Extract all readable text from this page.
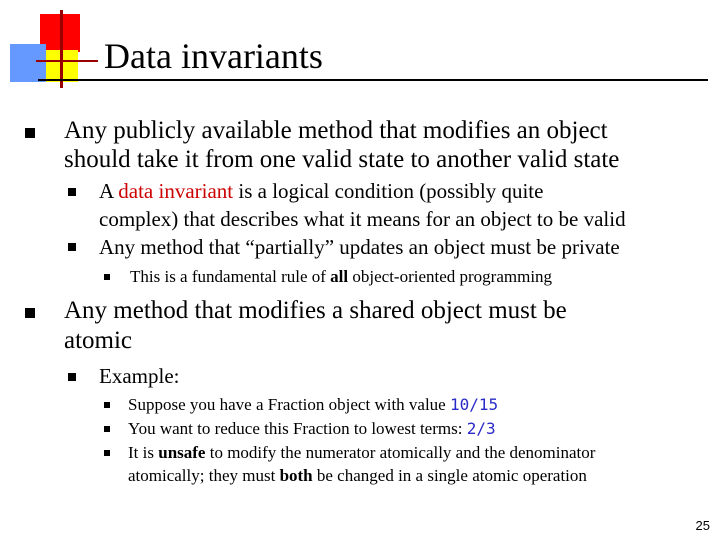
Data invariants
Any publicly available method that modifies an object
should take it from one valid state to another valid state
A data invariant is a logical condition (possibly quite
complex) that describes what it means for an object to be valid
Any method that “partially” updates an object must be private
This is a fundamental rule of all object-oriented programming
Any method that modifies a shared object must be
atomic
Example:
Suppose you have a Fraction object with value 10/15
You want to reduce this Fraction to lowest terms: 2/3
It is unsafe to modify the numerator atomically and the denominator
atomically; they must both be changed in a single atomic operation
25
